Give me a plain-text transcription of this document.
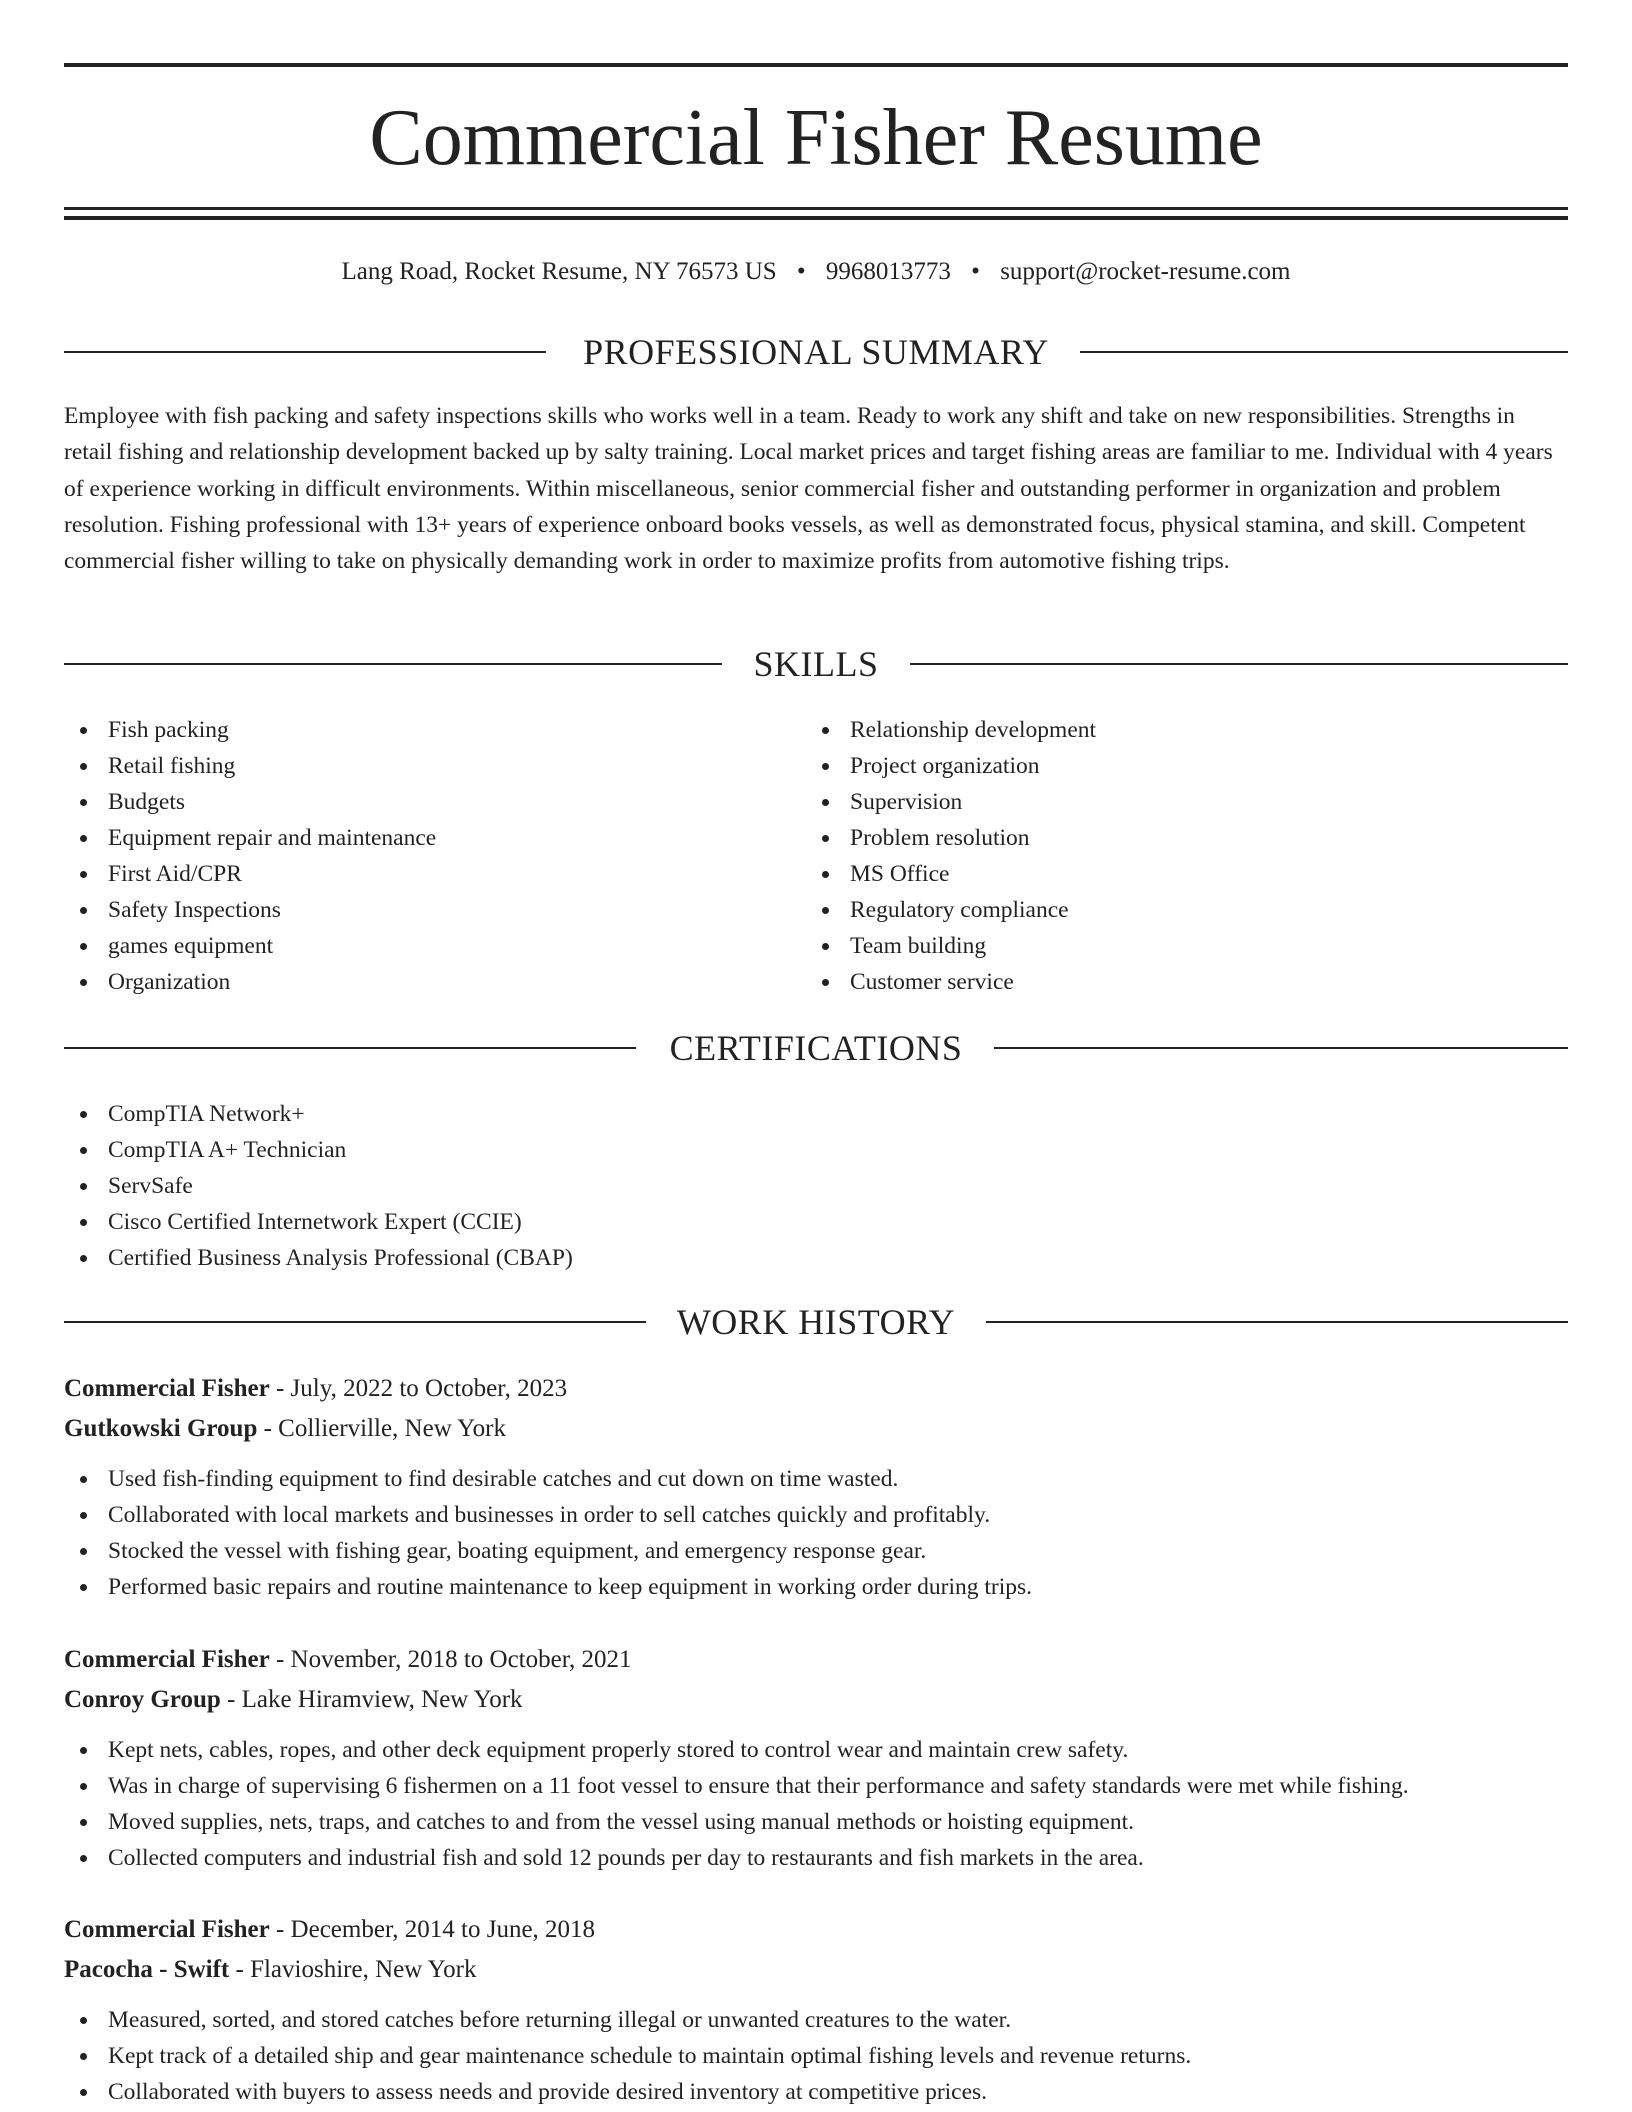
Commercial Fisher Resume
Lang Road, Rocket Resume, NY 76573 US • 9968013773 • support@rocket-resume.com
PROFESSIONAL SUMMARY

Employee with fish packing and safety inspections skills who works well in a team. Ready to work any shift and take on new responsibilities. Strengths in retail fishing and relationship development backed up by salty training. Local market prices and target fishing areas are familiar to me. Individual with 4 years of experience working in difficult environments. Within miscellaneous, senior commercial fisher and outstanding performer in organization and problem resolution. Fishing professional with 13+ years of experience onboard books vessels, as well as demonstrated focus, physical stamina, and skill. Competent commercial fisher willing to take on physically demanding work in order to maximize profits from automotive fishing trips.

SKILLS
Fish packing
Retail fishing
Budgets
Equipment repair and maintenance
First Aid/CPR
Safety Inspections
games equipment
Organization
Relationship development
Project organization
Supervision
Problem resolution
MS Office
Regulatory compliance
Team building
Customer service
CERTIFICATIONS
CompTIA Network+
CompTIA A+ Technician
ServSafe
Cisco Certified Internetwork Expert (CCIE)
Certified Business Analysis Professional (CBAP)
WORK HISTORY
Commercial Fisher - July, 2022 to October, 2023
Gutkowski Group - Collierville, New York
Used fish-finding equipment to find desirable catches and cut down on time wasted.
Collaborated with local markets and businesses in order to sell catches quickly and profitably.
Stocked the vessel with fishing gear, boating equipment, and emergency response gear.
Performed basic repairs and routine maintenance to keep equipment in working order during trips.
Commercial Fisher - November, 2018 to October, 2021
Conroy Group - Lake Hiramview, New York
Kept nets, cables, ropes, and other deck equipment properly stored to control wear and maintain crew safety.
Was in charge of supervising 6 fishermen on a 11 foot vessel to ensure that their performance and safety standards were met while fishing.
Moved supplies, nets, traps, and catches to and from the vessel using manual methods or hoisting equipment.
Collected computers and industrial fish and sold 12 pounds per day to restaurants and fish markets in the area.
Commercial Fisher - December, 2014 to June, 2018
Pacocha - Swift - Flavioshire, New York
Measured, sorted, and stored catches before returning illegal or unwanted creatures to the water.
Kept track of a detailed ship and gear maintenance schedule to maintain optimal fishing levels and revenue returns.
Collaborated with buyers to assess needs and provide desired inventory at competitive prices.
